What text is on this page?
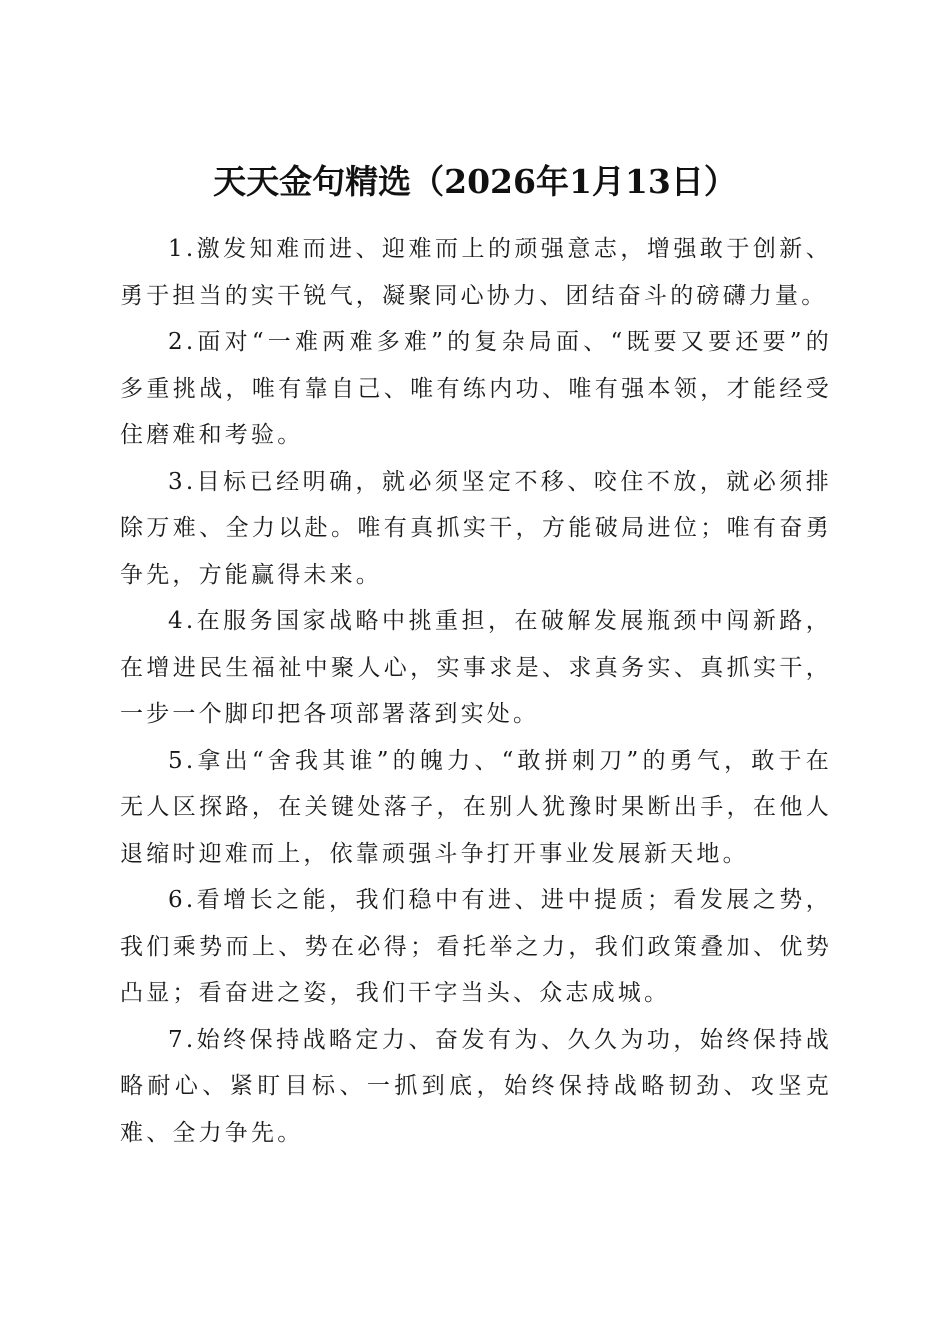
天天金句精选（2026年1月13日）

1.激发知难而进、迎难而上的顽强意志，增强敢于创新、勇于担当的实干锐气，凝聚同心协力、团结奋斗的磅礴力量。

2.面对“一难两难多难”的复杂局面、“既要又要还要”的多重挑战，唯有靠自己、唯有练内功、唯有强本领，才能经受住磨难和考验。

3.目标已经明确，就必须坚定不移、咬住不放，就必须排除万难、全力以赴。唯有真抓实干，方能破局进位；唯有奋勇争先，方能赢得未来。

4.在服务国家战略中挑重担，在破解发展瓶颈中闯新路，在增进民生福祉中聚人心，实事求是、求真务实、真抓实干，一步一个脚印把各项部署落到实处。

5.拿出“舍我其谁”的魄力、“敢拼刺刀”的勇气，敢于在无人区探路，在关键处落子，在别人犹豫时果断出手，在他人退缩时迎难而上，依靠顽强斗争打开事业发展新天地。

6.看增长之能，我们稳中有进、进中提质；看发展之势，我们乘势而上、势在必得；看托举之力，我们政策叠加、优势凸显；看奋进之姿，我们干字当头、众志成城。

7.始终保持战略定力、奋发有为、久久为功，始终保持战略耐心、紧盯目标、一抓到底，始终保持战略韧劲、攻坚克难、全力争先。
